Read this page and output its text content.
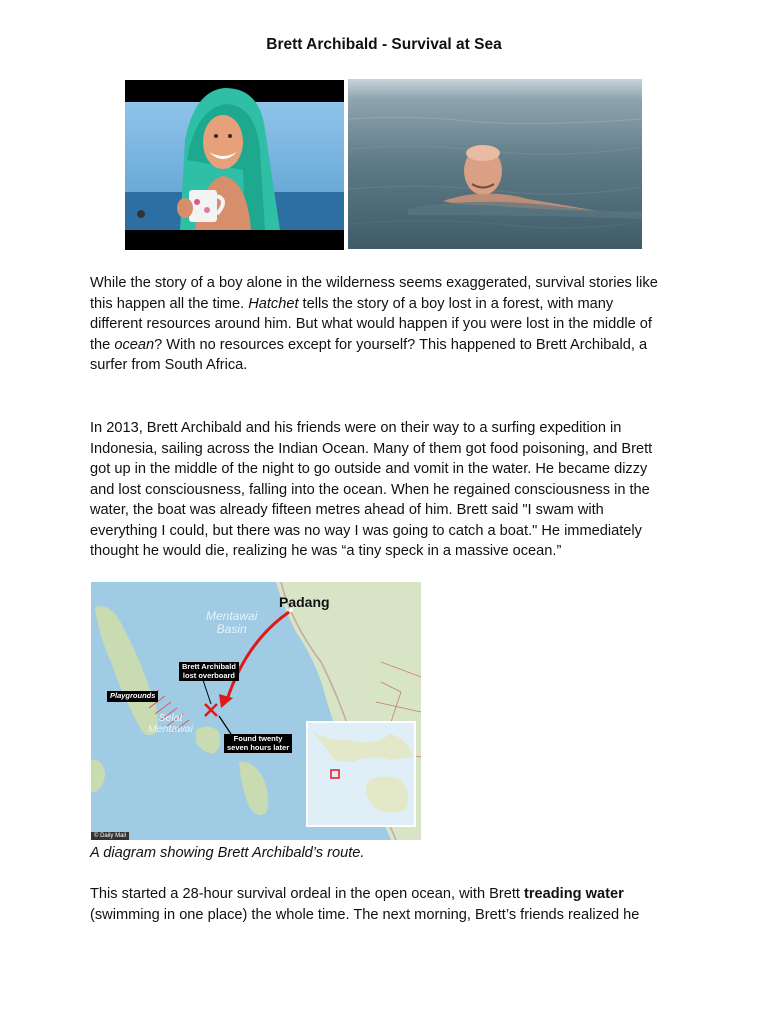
Brett Archibald - Survival at Sea

While the story of a boy alone in the wilderness seems exaggerated, survival stories like
this happen all the time. Hatchet tells the story of a boy lost in a forest, with many
different resources around him. But what would happen if you were lost in the middle of
the ocean? With no resources except for yourself? This happened to Brett Archibald, a
surfer from South Africa.

In 2013, Brett Archibald and his friends were on their way to a surfing expedition in
Indonesia, sailing across the Indian Ocean. Many of them got food poisoning, and Brett
got up in the middle of the night to go outside and vomit in the water. He became dizzy
and lost consciousness, falling into the ocean. When he regained consciousness in the
water, the boat was already fifteen metres ahead of him. Brett said "I swam with
everything I could, but there was no way I was going to catch a boat." He immediately
thought he would die, realizing he was “a tiny speck in a massive ocean.”

Padang
Mentawai
Basin
Selat
Mentawai
Brett Archibald
lost overboard
Playgrounds
Found twenty
seven hours later
© Daily Mail
A diagram showing Brett Archibald’s route.

This started a 28-hour survival ordeal in the open ocean, with Brett treading water
(swimming in one place) the whole time. The next morning, Brett’s friends realized he
